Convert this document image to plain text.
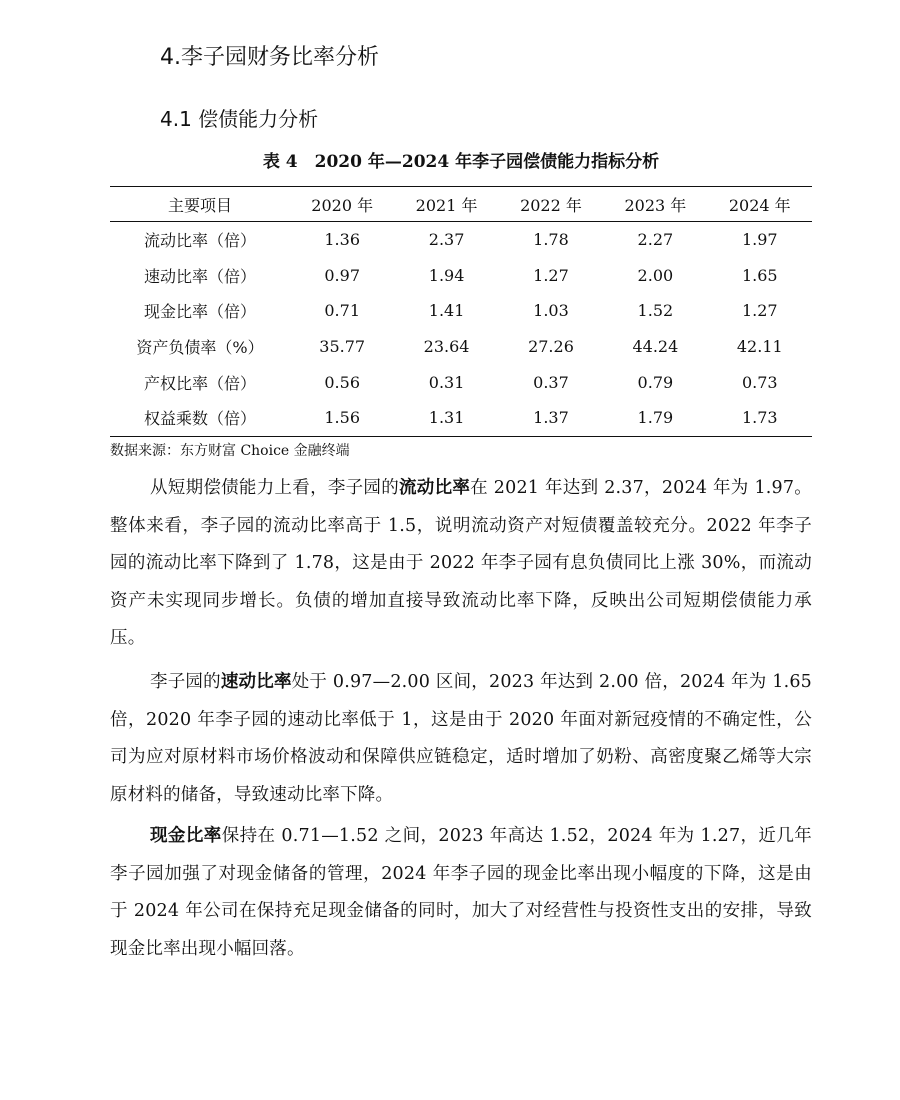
4.李子园财务比率分析
4.1 偿债能力分析

表 4　2020 年—2024 年李子园偿债能力指标分析

主要项目	2020 年	2021 年	2022 年	2023 年	2024 年
流动比率（倍）	1.36	2.37	1.78	2.27	1.97
速动比率（倍）	0.97	1.94	1.27	2.00	1.65
现金比率（倍）	0.71	1.41	1.03	1.52	1.27
资产负债率（%）	35.77	23.64	27.26	44.24	42.11
产权比率（倍）	0.56	0.31	0.37	0.79	0.73
权益乘数（倍）	1.56	1.31	1.37	1.79	1.73

数据来源：东方财富 Choice 金融终端

从短期偿债能力上看，李子园的流动比率在 2021 年达到 2.37，2024 年为 1.97。整体来看，李子园的流动比率高于 1.5，说明流动资产对短债覆盖较充分。2022 年李子园的流动比率下降到了 1.78，这是由于 2022 年李子园有息负债同比上涨 30%，而流动资产未实现同步增长。负债的增加直接导致流动比率下降，反映出公司短期偿债能力承压。

李子园的速动比率处于 0.97—2.00 区间，2023 年达到 2.00 倍，2024 年为 1.65 倍，2020 年李子园的速动比率低于 1，这是由于 2020 年面对新冠疫情的不确定性，公司为应对原材料市场价格波动和保障供应链稳定，适时增加了奶粉、高密度聚乙烯等大宗原材料的储备，导致速动比率下降。

现金比率保持在 0.71—1.52 之间，2023 年高达 1.52，2024 年为 1.27，近几年李子园加强了对现金储备的管理，2024 年李子园的现金比率出现小幅度的下降，这是由于 2024 年公司在保持充足现金储备的同时，加大了对经营性与投资性支出的安排，导致现金比率出现小幅回落。
